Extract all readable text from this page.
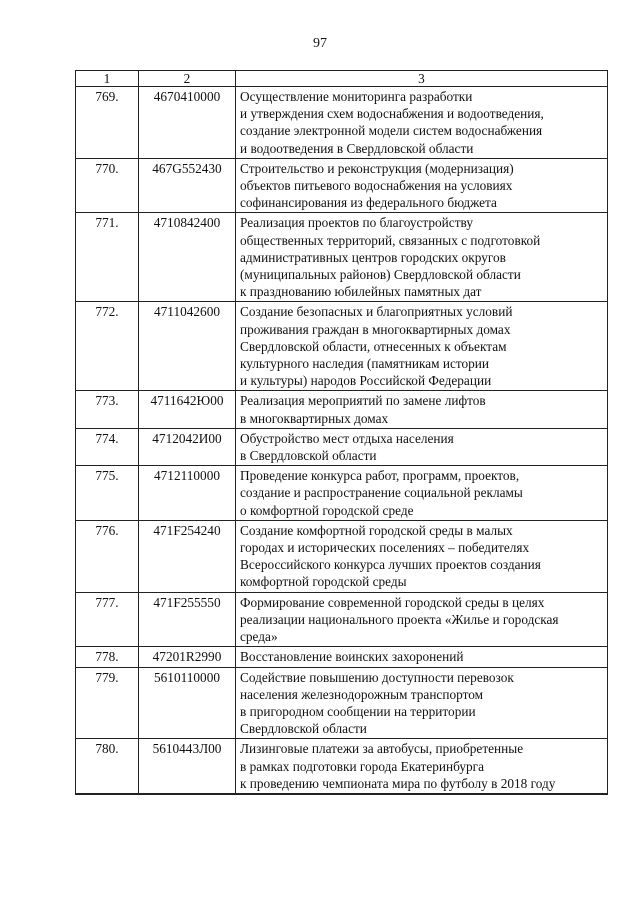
97
1	2	3
769.	4670410000	Осуществление мониторинга разработки
и утверждения схем водоснабжения и водоотведения,
создание электронной модели систем водоснабжения
и водоотведения в Свердловской области

770.	467G552430	Строительство и реконструкция (модернизация)
объектов питьевого водоснабжения на условиях
софинансирования из федерального бюджета

771.	4710842400	Реализация проектов по благоустройству
общественных территорий, связанных с подготовкой
административных центров городских округов
(муниципальных районов) Свердловской области
к празднованию юбилейных памятных дат

772.	4711042600	Создание безопасных и благоприятных условий
проживания граждан в многоквартирных домах
Свердловской области, отнесенных к объектам
культурного наследия (памятникам истории
и культуры) народов Российской Федерации

773.	4711642Ю00	Реализация мероприятий по замене лифтов
в многоквартирных домах

774.	4712042И00	Обустройство мест отдыха населения
в Свердловской области

775.	4712110000	Проведение конкурса работ, программ, проектов,
создание и распространение социальной рекламы
о комфортной городской среде

776.	471F254240	Создание комфортной городской среды в малых
городах и исторических поселениях – победителях
Всероссийского конкурса лучших проектов создания
комфортной городской среды

777.	471F255550	Формирование современной городской среды в целях
реализации национального проекта «Жилье и городская
среда»

778.	47201R2990	Восстановление воинских захоронений

779.	5610110000	Содействие повышению доступности перевозок
населения железнодорожным транспортом
в пригородном сообщении на территории
Свердловской области

780.	5610443Л00	Лизинговые платежи за автобусы, приобретенные
в рамках подготовки города Екатеринбурга
к проведению чемпионата мира по футболу в 2018 году
